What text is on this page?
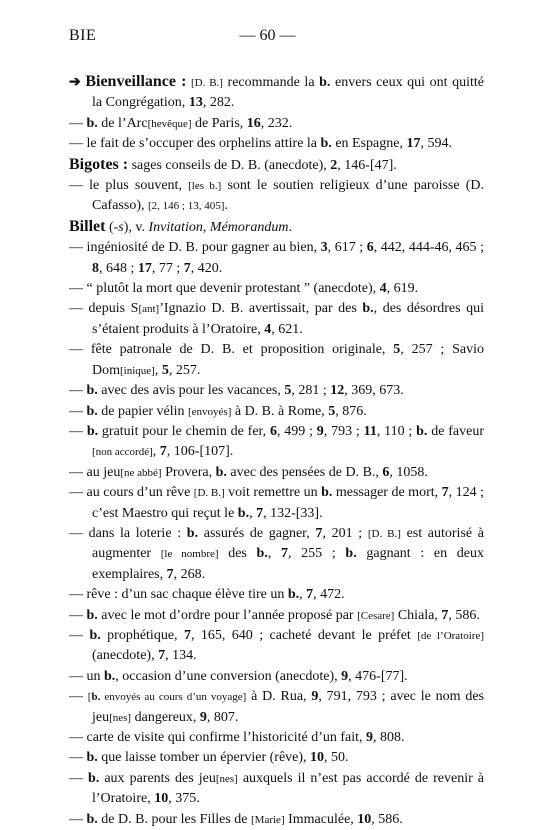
BIE	— 60 —
➔ Bienveillance : [D. B.] recommande la b. envers ceux qui ont quitté la Congrégation, 13, 282.
— b. de l’Arc[hevêque] de Paris, 16, 232.
— le fait de s’occuper des orphelins attire la b. en Espagne, 17, 594.
Bigotes : sages conseils de D. B. (anecdote), 2, 146-[47].
— le plus souvent, [les b.] sont le soutien religieux d’une paroisse (D. Cafasso), [2, 146 ; 13, 405].
Billet (-s), v. Invitation, Mémorandum.
— ingéniosité de D. B. pour gagner au bien, 3, 617 ; 6, 442, 444-46, 465 ; 8, 648 ; 17, 77 ; 7, 420.
— “ plutôt la mort que devenir protestant ” (anecdote), 4, 619.
— depuis S[ant]’Ignazio D. B. avertissait, par des b., des désordres qui s’étaient produits à l’Oratoire, 4, 621.
— fête patronale de D. B. et proposition originale, 5, 257 ; Savio Dom[inique], 5, 257.
— b. avec des avis pour les vacances, 5, 281 ; 12, 369, 673.
— b. de papier vélin [envoyés] à D. B. à Rome, 5, 876.
— b. gratuit pour le chemin de fer, 6, 499 ; 9, 793 ; 11, 110 ; b. de faveur [non accordé], 7, 106-[107].
— au jeu[ne abbé] Provera, b. avec des pensées de D. B., 6, 1058.
— au cours d’un rêve [D. B.] voit remettre un b. messager de mort, 7, 124 ; c’est Maestro qui reçut le b., 7, 132-[33].
— dans la loterie : b. assurés de gagner, 7, 201 ; [D. B.] est autorisé à augmenter [le nombre] des b., 7, 255 ; b. gagnant : en deux exemplaires, 7, 268.
— rêve : d’un sac chaque élève tire un b., 7, 472.
— b. avec le mot d’ordre pour l’année proposé par [Cesare] Chiala, 7, 586.
— b. prophétique, 7, 165, 640 ; cacheté devant le préfet [de l’Oratoire] (anecdote), 7, 134.
— un b., occasion d’une conversion (anecdote), 9, 476-[77].
— [b. envoyés au cours d’un voyage] à D. Rua, 9, 791, 793 ; avec le nom des jeu[nes] dangereux, 9, 807.
— carte de visite qui confirme l’historicité d’un fait, 9, 808.
— b. que laisse tomber un épervier (rêve), 10, 50.
— b. aux parents des jeu[nes] auxquels il n’est pas accordé de revenir à l’Oratoire, 10, 375.
— b. de D. B. pour les Filles de [Marie] Immaculée, 10, 586.
